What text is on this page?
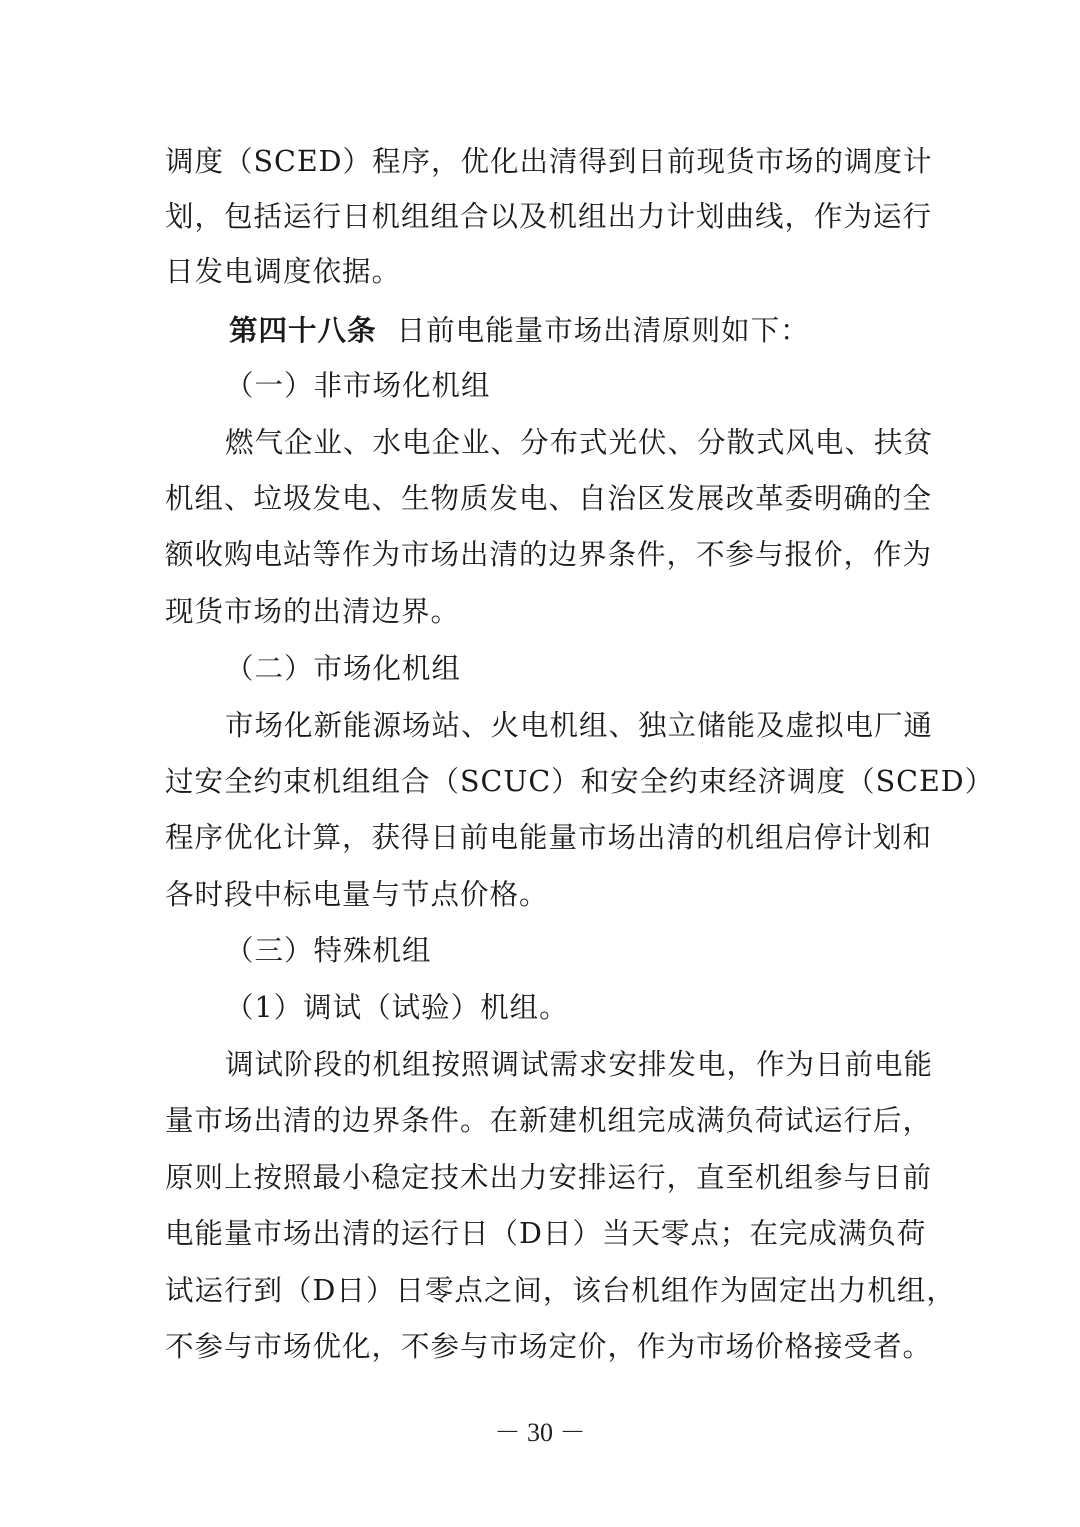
调度（SCED）程序，优化出清得到日前现货市场的调度计
划，包括运行日机组组合以及机组出力计划曲线，作为运行
日发电调度依据。
第四十八条 日前电能量市场出清原则如下：
（一）非市场化机组
燃气企业、水电企业、分布式光伏、分散式风电、扶贫
机组、垃圾发电、生物质发电、自治区发展改革委明确的全
额收购电站等作为市场出清的边界条件，不参与报价，作为
现货市场的出清边界。
（二）市场化机组
市场化新能源场站、火电机组、独立储能及虚拟电厂通
过安全约束机组组合（SCUC）和安全约束经济调度（SCED）
程序优化计算，获得日前电能量市场出清的机组启停计划和
各时段中标电量与节点价格。
（三）特殊机组
（1）调试（试验）机组。
调试阶段的机组按照调试需求安排发电，作为日前电能
量市场出清的边界条件。在新建机组完成满负荷试运行后，
原则上按照最小稳定技术出力安排运行，直至机组参与日前
电能量市场出清的运行日（D日）当天零点；在完成满负荷
试运行到（D日）日零点之间，该台机组作为固定出力机组，
不参与市场优化，不参与市场定价，作为市场价格接受者。
－ 30 －
